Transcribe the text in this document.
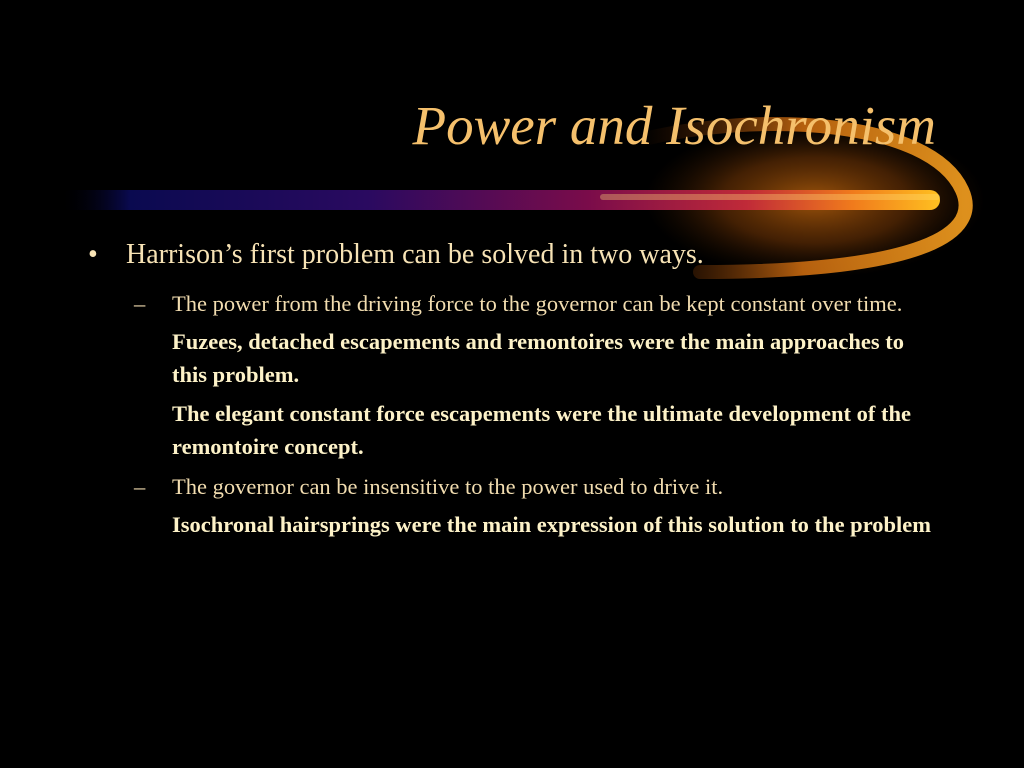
Power and Isochronism
• Harrison’s first problem can be solved in two ways.
– The power from the driving force to the governor can be kept constant over time.
Fuzees, detached escapements and remontoires were the main approaches to this problem.
The elegant constant force escapements were the ultimate development of the remontoire concept.
– The governor can be insensitive to the power used to drive it.
Isochronal hairsprings were the main expression of this solution to the problem
